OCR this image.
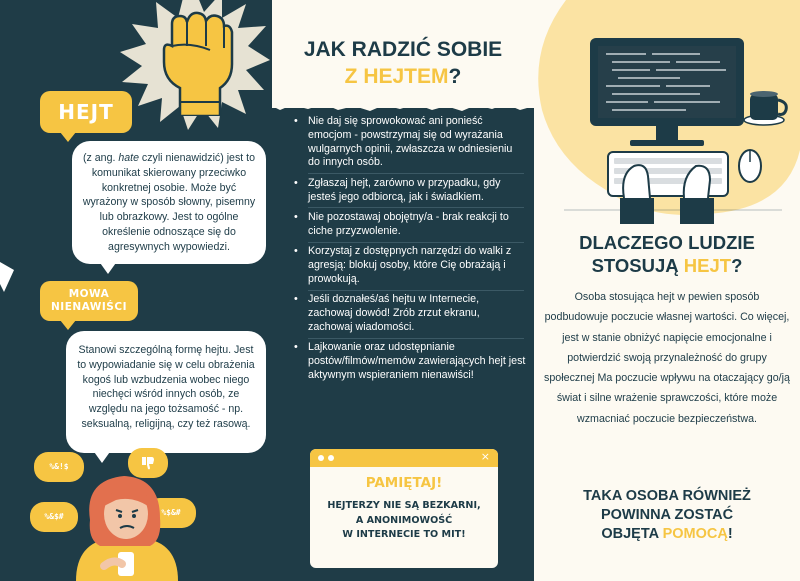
HEJT
(z ang. hate czyli nienawidzić) jest to komunikat skierowany przeciwko konkretnej osobie. Może być wyrażony w sposób słowny, pisemny lub obrazkowy. Jest to ogólne określenie odnoszące się do agresywnych wypowiedzi.
MOWA
NIENAWIŚCI
Stanowi szczególną formę hejtu. Jest to wypowiadanie się w celu obrażenia kogoś lub wzbudzenia wobec niego niechęci wśród innych osób, ze względu na jego tożsamość - np. seksualną, religijną, czy też rasową.
%&!$
%&$#	%$&#
JAK RADZIĆ SOBIE
Z HEJTEM?
• Nie daj się sprowokować ani ponieść emocjom - powstrzymaj się od wyrażania wulgarnych opinii, zwłaszcza w odniesieniu do innych osób.
• Zgłaszaj hejt, zarówno w przypadku, gdy jesteś jego odbiorcą, jak i świadkiem.
• Nie pozostawaj obojętny/a - brak reakcji to ciche przyzwolenie.
• Korzystaj z dostępnych narzędzi do walki z agresją: blokuj osoby, które Cię obrażają i prowokują.
• Jeśli doznałeś/aś hejtu w Internecie, zachowaj dowód! Zrób zrzut ekranu, zachowaj wiadomości.
• Lajkowanie oraz udostępnianie postów/filmów/memów zawierających hejt jest aktywnym wspieraniem nienawiści!
×
PAMIĘTAJ!
HEJTERZY NIE SĄ BEZKARNI,
A ANONIMOWOŚĆ
W INTERNECIE TO MIT!
DLACZEGO LUDZIE
STOSUJĄ HEJT?
Osoba stosująca hejt w pewien sposób podbudowuje poczucie własnej wartości. Co więcej, jest w stanie obniżyć napięcie emocjonalne i potwierdzić swoją przynależność do grupy społecznej Ma poczucie wpływu na otaczający go/ją świat i silne wrażenie sprawczości, które może wzmacniać poczucie bezpieczeństwa.
TAKA OSOBA RÓWNIEŻ
POWINNA ZOSTAĆ
OBJĘTA POMOCĄ!
